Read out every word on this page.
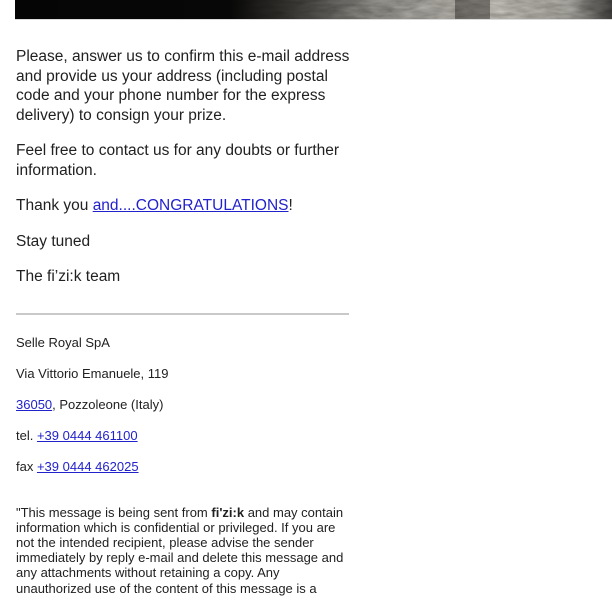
Please, answer us to confirm this e-mail address and provide us your address (including postal code and your phone number for the express delivery) to consign your prize.

Feel free to contact us for any doubts or further information.

Thank you and....CONGRATULATIONS!

Stay tuned

The fi’zi:k team

Selle Royal SpA

Via Vittorio Emanuele, 119

36050, Pozzoleone (Italy)

tel. +39 0444 461100

fax +39 0444 462025

"This message is being sent from fi'zi:k and may contain information which is confidential or privileged. If you are not the intended recipient, please advise the sender immediately by reply e-mail and delete this message and any attachments without retaining a copy. Any unauthorized use of the content of this message is a
